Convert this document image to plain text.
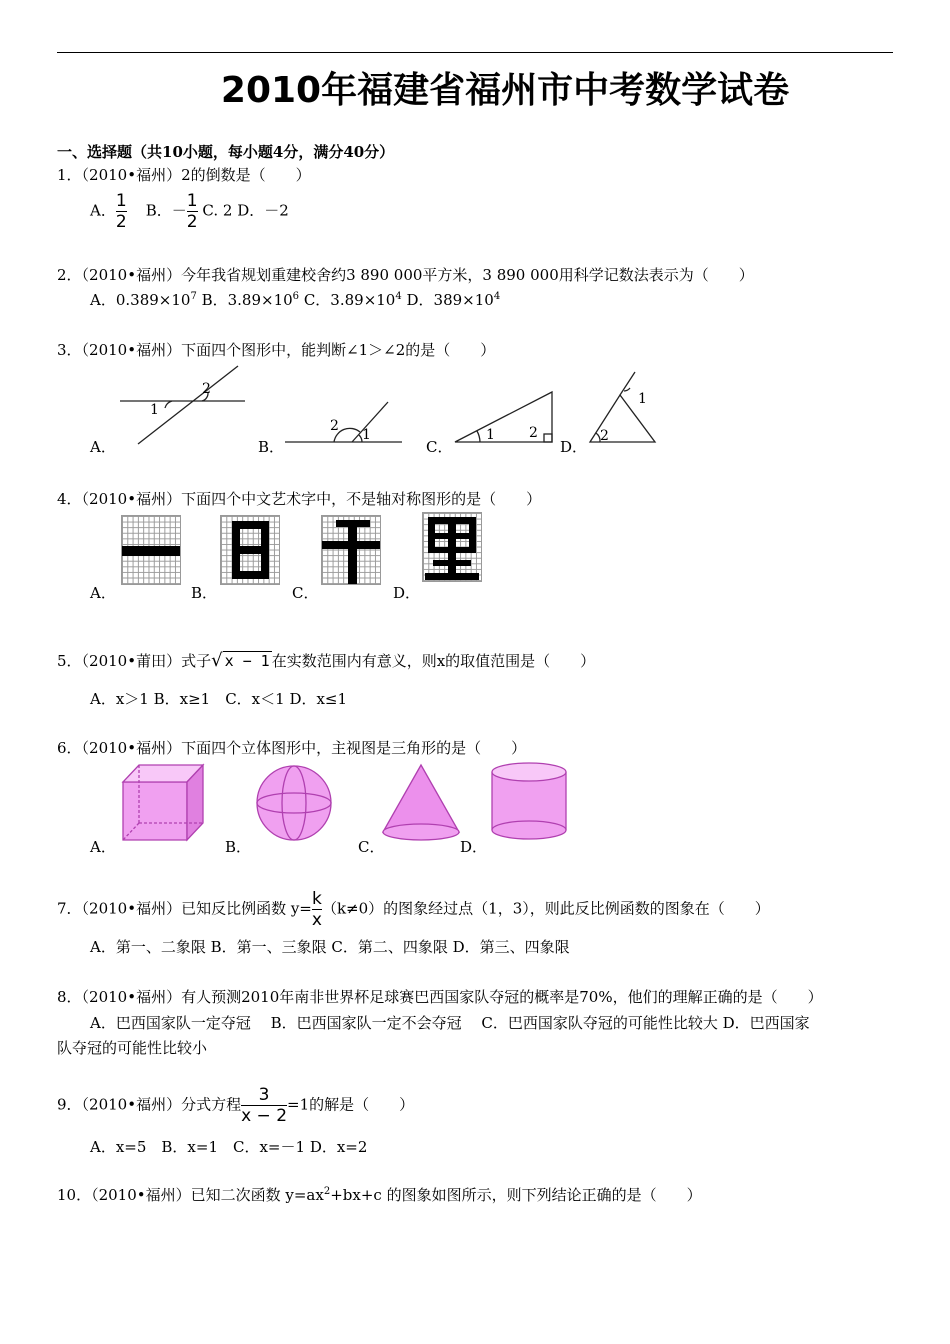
2010年福建省福州市中考数学试卷
一、选择题（共10小题，每小题4分，满分40分）
1．（2010•福州）2的倒数是（　　）
A． $\frac{1}{2}$ B．－ $\frac{1}{2} C$. 2 D．－2
2．（2010•福州）今年我省规划重建校舍约3 890 000平方米，3 890 000用科学记数法表示为（　　）
A．$0.389\times 10^7$ B．$3.89\times 10^6$ C．$3.89\times 10^4$ D．$389\times 10^4$
3．（2010•福州）下面四个图形中，能判断∠1＞∠2的是（　　）
1
2
2
1	1 2	2
1
A．	B．	C．	D．
4．（2010•福州）下面四个中文艺术字中，不是轴对称图形的是（　　）
A．	B．	C．	D．
5．（2010•莆田）式子√ x − 1 在实数范围内有意义，则x的取值范围是（　　）
A．x＞1 B．x≥1　C．x＜1 D．x≤1
6．（2010•福州）下面四个立体图形中，主视图是三角形的是（　　）
A．	B．	C．	D．
7．（2010•福州）已知反比例函数 $y= \frac{k}{x} (k\ne 0)$的图象经过点（1，3），则此反比例函数的图象在（　　）
A．第一、二象限 B．第一、三象限 C．第二、四象限 D．第三、四象限
8．（2010•福州）有人预测2010年南非世界杯足球赛巴西国家队夺冠的概率是70%，他们的理解正确的是（　　）
A．巴西国家队一定夺冠　 B．巴西国家队一定不会夺冠　 C．巴西国家队夺冠的可能性比较大 D．巴西国家
队夺冠的可能性比较小
9．（2010•福州）分式方程 $\frac{3}{x - 2} =1$的解是（　　）
A．x=5　B．x=1　C．x=－1 D．x=2
10．（2010•福州）已知二次函数 $y=ax^2+bx+c$ 的图象如图所示，则下列结论正确的是（　　）
